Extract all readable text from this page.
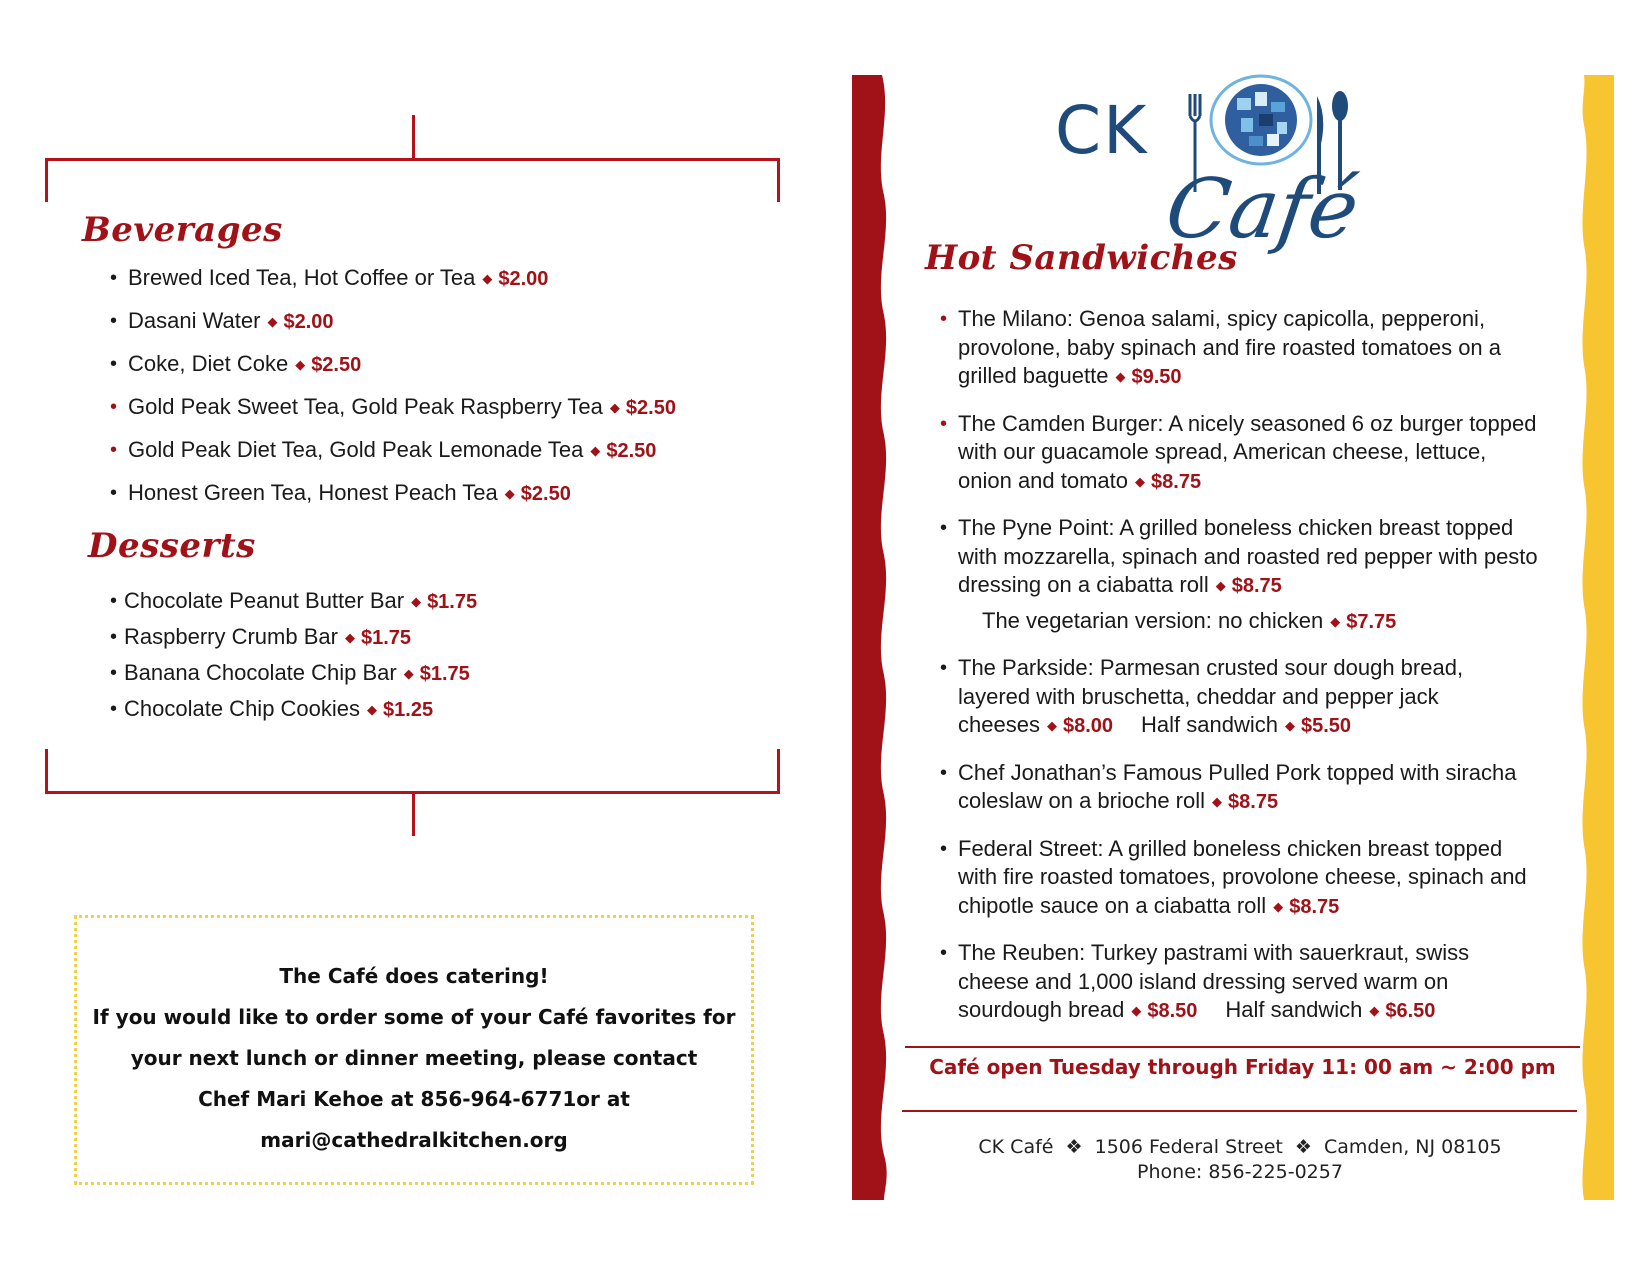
Beverages
• Brewed Iced Tea, Hot Coffee or Tea ◆ $2.00
• Dasani Water ◆ $2.00
• Coke, Diet Coke ◆ $2.50
• Gold Peak Sweet Tea, Gold Peak Raspberry Tea ◆ $2.50
• Gold Peak Diet Tea, Gold Peak Lemonade Tea ◆ $2.50
• Honest Green Tea, Honest Peach Tea ◆ $2.50
Desserts
• Chocolate Peanut Butter Bar ◆ $1.75
• Raspberry Crumb Bar ◆ $1.75
• Banana Chocolate Chip Bar ◆ $1.75
• Chocolate Chip Cookies ◆ $1.25
The Café does catering!
If you would like to order some of your Café favorites for
your next lunch or dinner meeting, please contact
Chef Mari Kehoe at 856-964-6771or at
mari@cathedralkitchen.org
CK
Café
Hot Sandwiches
• The Milano: Genoa salami, spicy capicolla, pepperoni, provolone, baby spinach and fire roasted tomatoes on a grilled baguette ◆ $9.50
• The Camden Burger: A nicely seasoned 6 oz burger topped with our guacamole spread, American cheese, lettuce, onion and tomato ◆ $8.75
• The Pyne Point: A grilled boneless chicken breast topped with mozzarella, spinach and roasted red pepper with pesto dressing on a ciabatta roll ◆ $8.75
The vegetarian version: no chicken ◆ $7.75
• The Parkside: Parmesan crusted sour dough bread, layered with bruschetta, cheddar and pepper jack cheeses ◆ $8.00 Half sandwich ◆ $5.50
• Chef Jonathan’s Famous Pulled Pork topped with siracha coleslaw on a brioche roll ◆ $8.75
• Federal Street: A grilled boneless chicken breast topped with fire roasted tomatoes, provolone cheese, spinach and chipotle sauce on a ciabatta roll ◆ $8.75
• The Reuben: Turkey pastrami with sauerkraut, swiss cheese and 1,000 island dressing served warm on sourdough bread ◆ $8.50 Half sandwich ◆ $6.50
Café open Tuesday through Friday 11: 00 am ~ 2:00 pm
CK Café ❖ 1506 Federal Street ❖ Camden, NJ 08105
Phone: 856-225-0257
